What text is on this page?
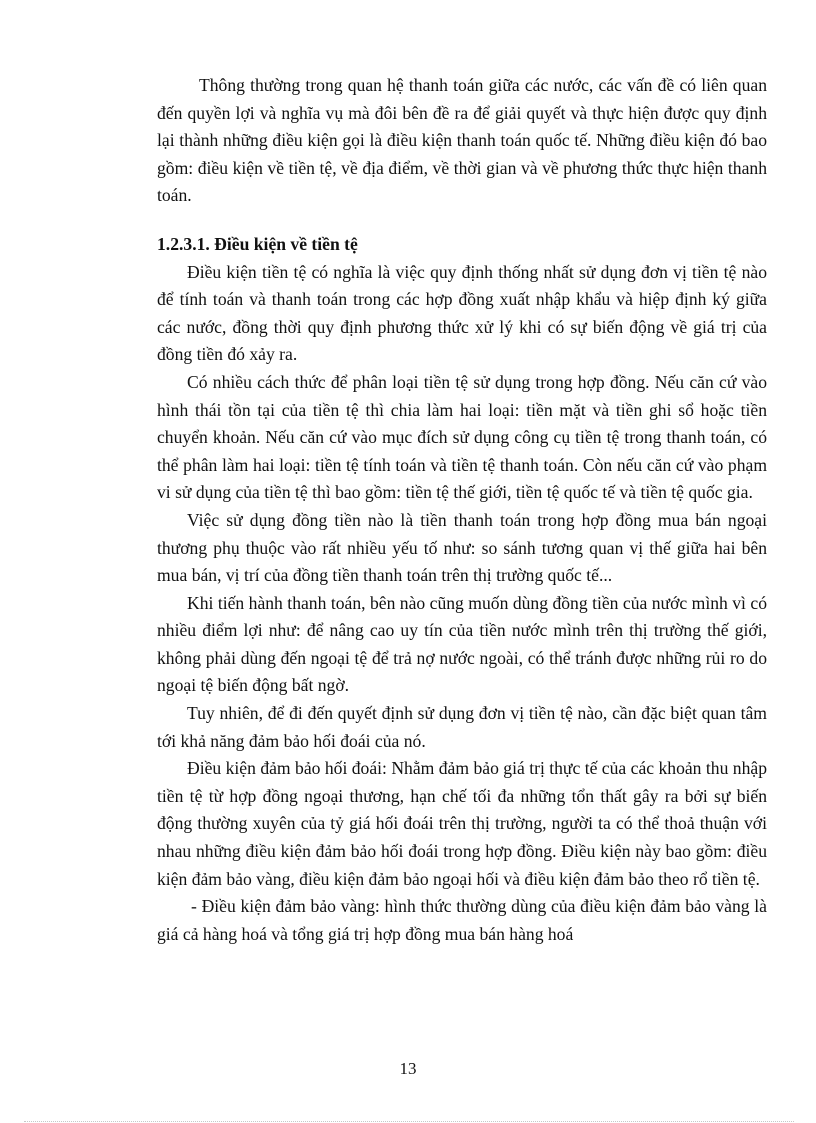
Thông thường trong quan hệ thanh toán giữa các nước, các vấn đề có liên quan đến quyền lợi và nghĩa vụ mà đôi bên đề ra để giải quyết và thực hiện được quy định lại thành những điều kiện gọi là điều kiện thanh toán quốc tế. Những điều kiện đó bao gồm: điều kiện về tiền tệ, về địa điểm, về thời gian và về phương thức thực hiện thanh toán.

1.2.3.1. Điều kiện về tiền tệ

Điều kiện tiền tệ có nghĩa là việc quy định thống nhất sử dụng đơn vị tiền tệ nào để tính toán và thanh toán trong các hợp đồng xuất nhập khẩu và hiệp định ký giữa các nước, đồng thời quy định phương thức xử lý khi có sự biến động về giá trị của đồng tiền đó xảy ra.

Có nhiều cách thức để phân loại tiền tệ sử dụng trong hợp đồng. Nếu căn cứ vào hình thái tồn tại của tiền tệ thì chia làm hai loại: tiền mặt và tiền ghi sổ hoặc tiền chuyển khoản. Nếu căn cứ vào mục đích sử dụng công cụ tiền tệ trong thanh toán, có thể phân làm hai loại: tiền tệ tính toán và tiền tệ thanh toán. Còn nếu căn cứ vào phạm vi sử dụng của tiền tệ thì bao gồm: tiền tệ thế giới, tiền tệ quốc tế và tiền tệ quốc gia.

Việc sử dụng đồng tiền nào là tiền thanh toán trong hợp đồng mua bán ngoại thương phụ thuộc vào rất nhiều yếu tố như: so sánh tương quan vị thế giữa hai bên mua bán, vị trí của đồng tiền thanh toán trên thị trường quốc tế...

Khi tiến hành thanh toán, bên nào cũng muốn dùng đồng tiền của nước mình vì có nhiều điểm lợi như: để nâng cao uy tín của tiền nước mình trên thị trường thế giới, không phải dùng đến ngoại tệ để trả nợ nước ngoài, có thể tránh được những rủi ro do ngoại tệ biến động bất ngờ.

Tuy nhiên, để đi đến quyết định sử dụng đơn vị tiền tệ nào, cần đặc biệt quan tâm tới khả năng đảm bảo hối đoái của nó.

Điều kiện đảm bảo hối đoái: Nhằm đảm bảo giá trị thực tế của các khoản thu nhập tiền tệ từ hợp đồng ngoại thương, hạn chế tối đa những tổn thất gây ra bởi sự biến động thường xuyên của tỷ giá hối đoái trên thị trường, người ta có thể thoả thuận với nhau những điều kiện đảm bảo hối đoái trong hợp đồng. Điều kiện này bao gồm: điều kiện đảm bảo vàng, điều kiện đảm bảo ngoại hối và điều kiện đảm bảo theo rổ tiền tệ.

- Điều kiện đảm bảo vàng: hình thức thường dùng của điều kiện đảm bảo vàng là giá cả hàng hoá và tổng giá trị hợp đồng mua bán hàng hoá

13
